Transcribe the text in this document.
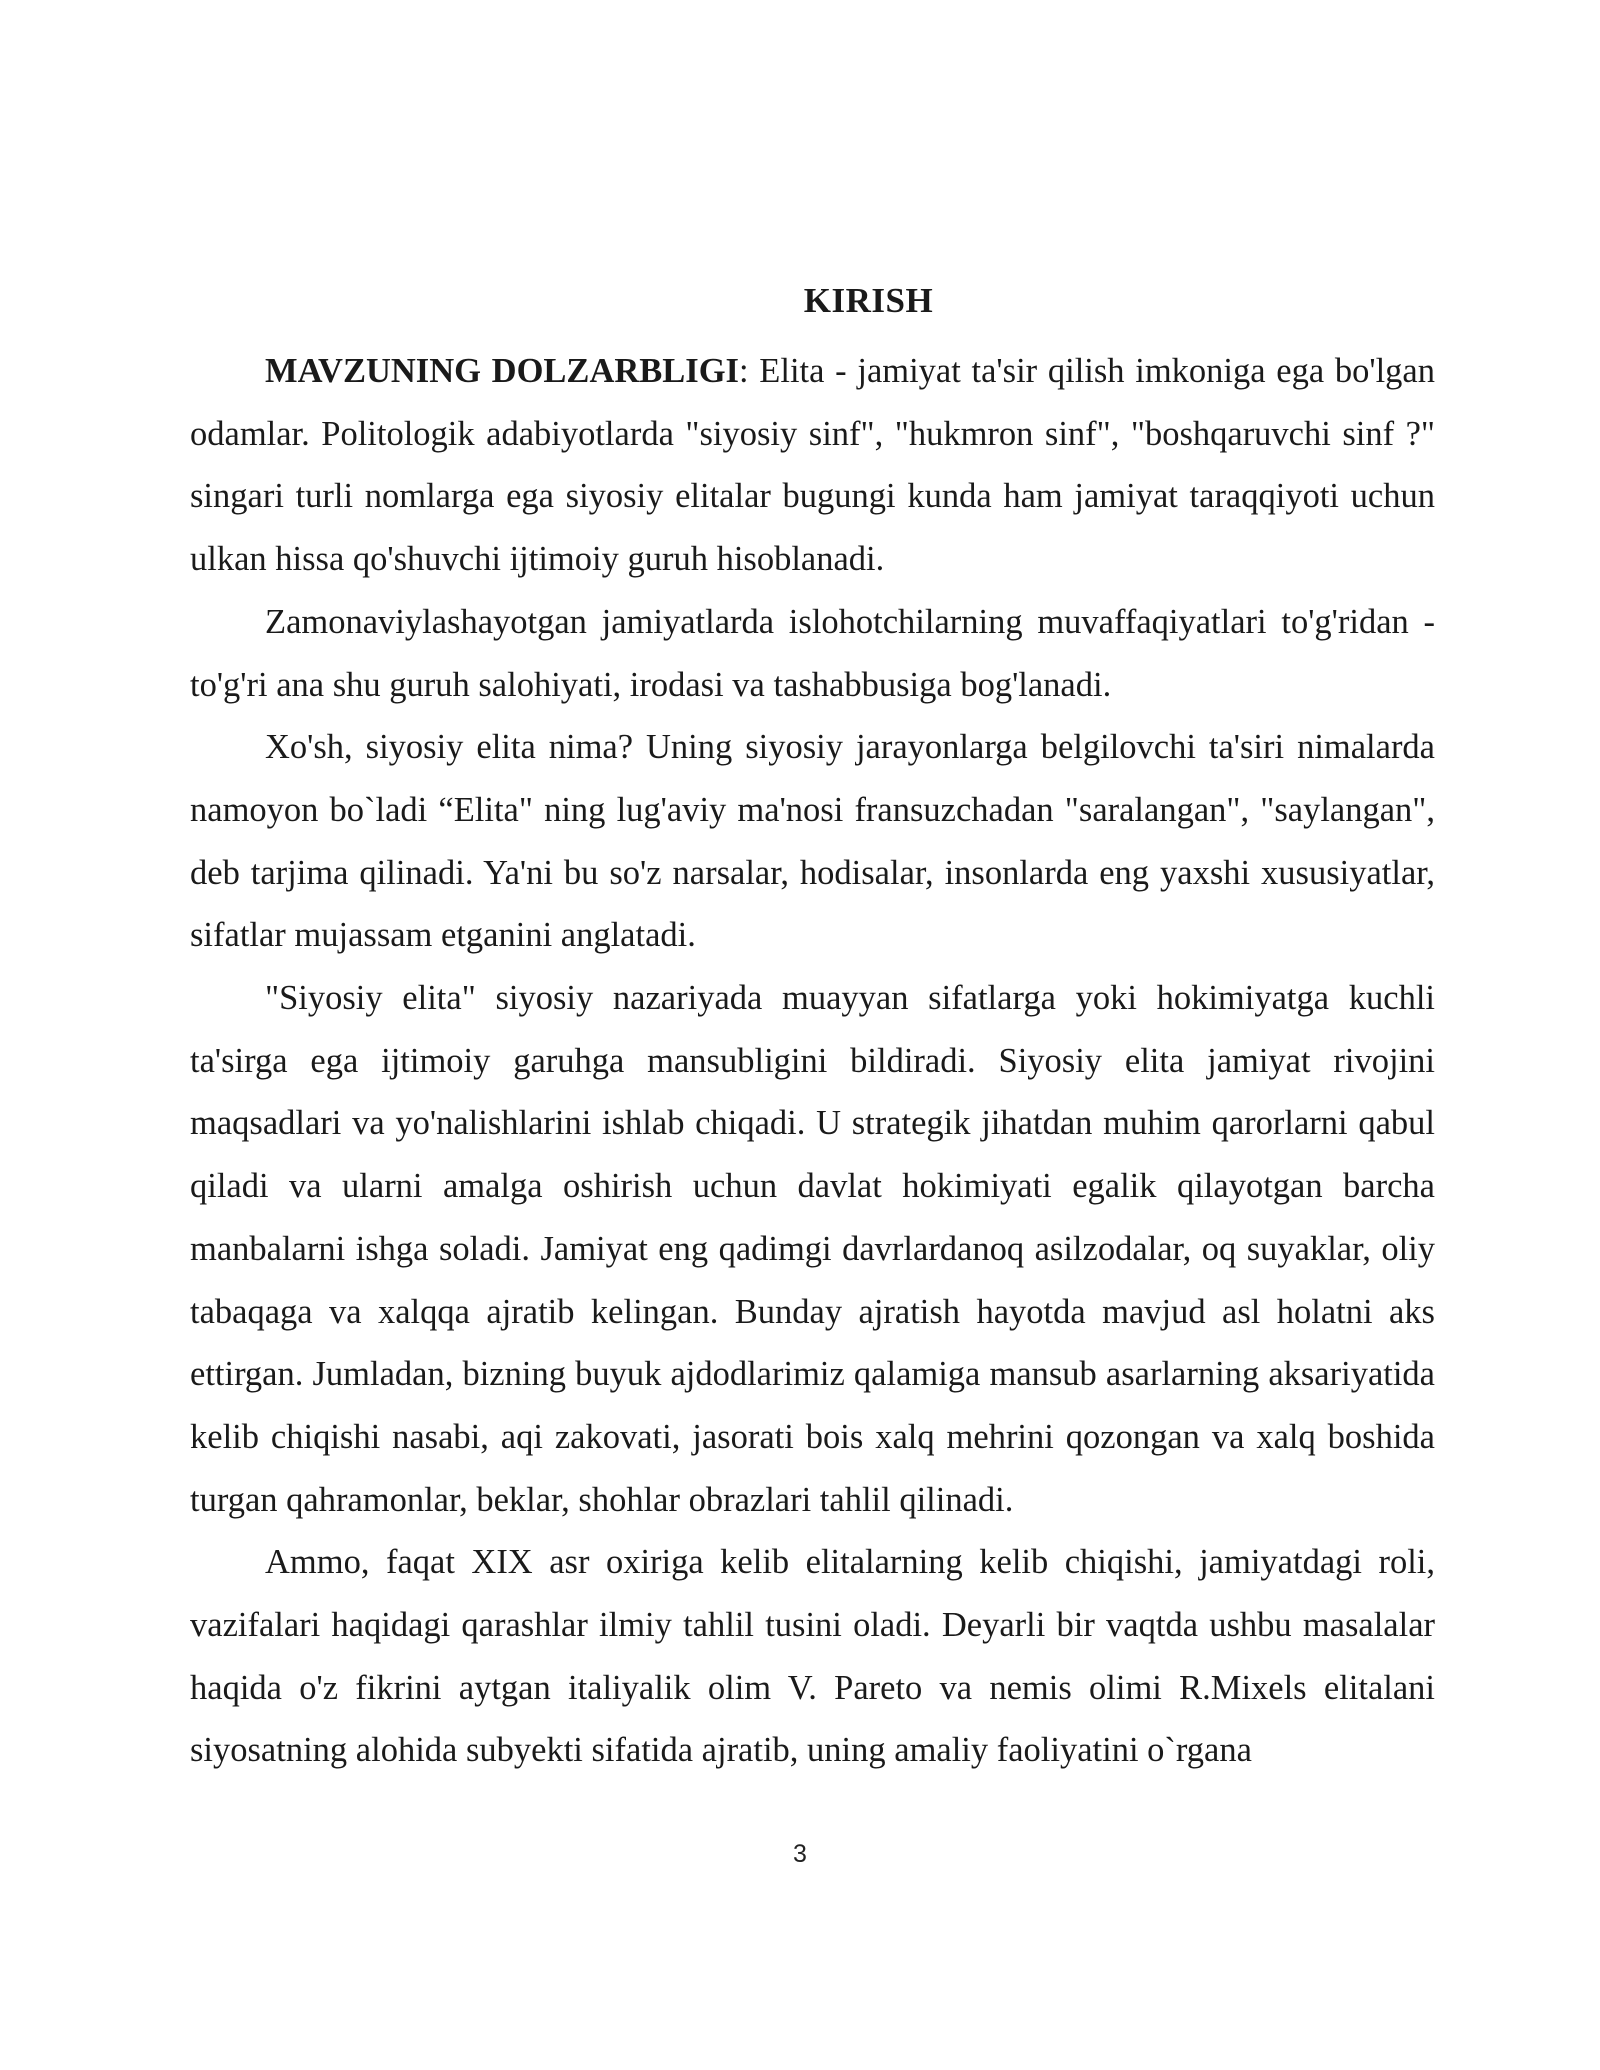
KIRISH

MAVZUNING DOLZARBLIGI: Elita - jamiyat ta'sir qilish imkoniga ega bo'lgan odamlar. Politologik adabiyotlarda "siyosiy sinf", "hukmron sinf", "boshqaruvchi sinf ?" singari turli nomlarga ega siyosiy elitalar bugungi kunda ham jamiyat taraqqiyoti uchun ulkan hissa qo'shuvchi ijtimoiy guruh hisoblanadi.

Zamonaviylashayotgan jamiyatlarda islohotchilarning muvaffaqiyatlari to'g'ridan - to'g'ri ana shu guruh salohiyati, irodasi va tashabbusiga bog'lanadi.

Xo'sh, siyosiy elita nima? Uning siyosiy jarayonlarga belgilovchi ta'siri nimalarda namoyon bo`ladi “Elita" ning lug'aviy ma'nosi fransuzchadan "saralangan", "saylangan", deb tarjima qilinadi. Ya'ni bu so'z narsalar, hodisalar, insonlarda eng yaxshi xususiyatlar, sifatlar mujassam etganini anglatadi.

"Siyosiy elita" siyosiy nazariyada muayyan sifatlarga yoki hokimiyatga kuchli ta'sirga ega ijtimoiy garuhga mansubligini bildiradi. Siyosiy elita jamiyat rivojini maqsadlari va yo'nalishlarini ishlab chiqadi. U strategik jihatdan muhim qarorlarni qabul qiladi va ularni amalga oshirish uchun davlat hokimiyati egalik qilayotgan barcha manbalarni ishga soladi. Jamiyat eng qadimgi davrlardanoq asilzodalar, oq suyaklar, oliy tabaqaga va xalqqa ajratib kelingan. Bunday ajratish hayotda mavjud asl holatni aks ettirgan. Jumladan, bizning buyuk ajdodlarimiz qalamiga mansub asarlarning aksariyatida kelib chiqishi nasabi, aqi zakovati, jasorati bois xalq mehrini qozongan va xalq boshida turgan qahramonlar, beklar, shohlar obrazlari tahlil qilinadi.

Ammo, faqat XIX asr oxiriga kelib elitalarning kelib chiqishi, jamiyatdagi roli, vazifalari haqidagi qarashlar ilmiy tahlil tusini oladi. Deyarli bir vaqtda ushbu masalalar haqida o'z fikrini aytgan italiyalik olim V. Pareto va nemis olimi R.Mixels elitalani siyosatning alohida subyekti sifatida ajratib, uning amaliy faoliyatini o`rgana

3
